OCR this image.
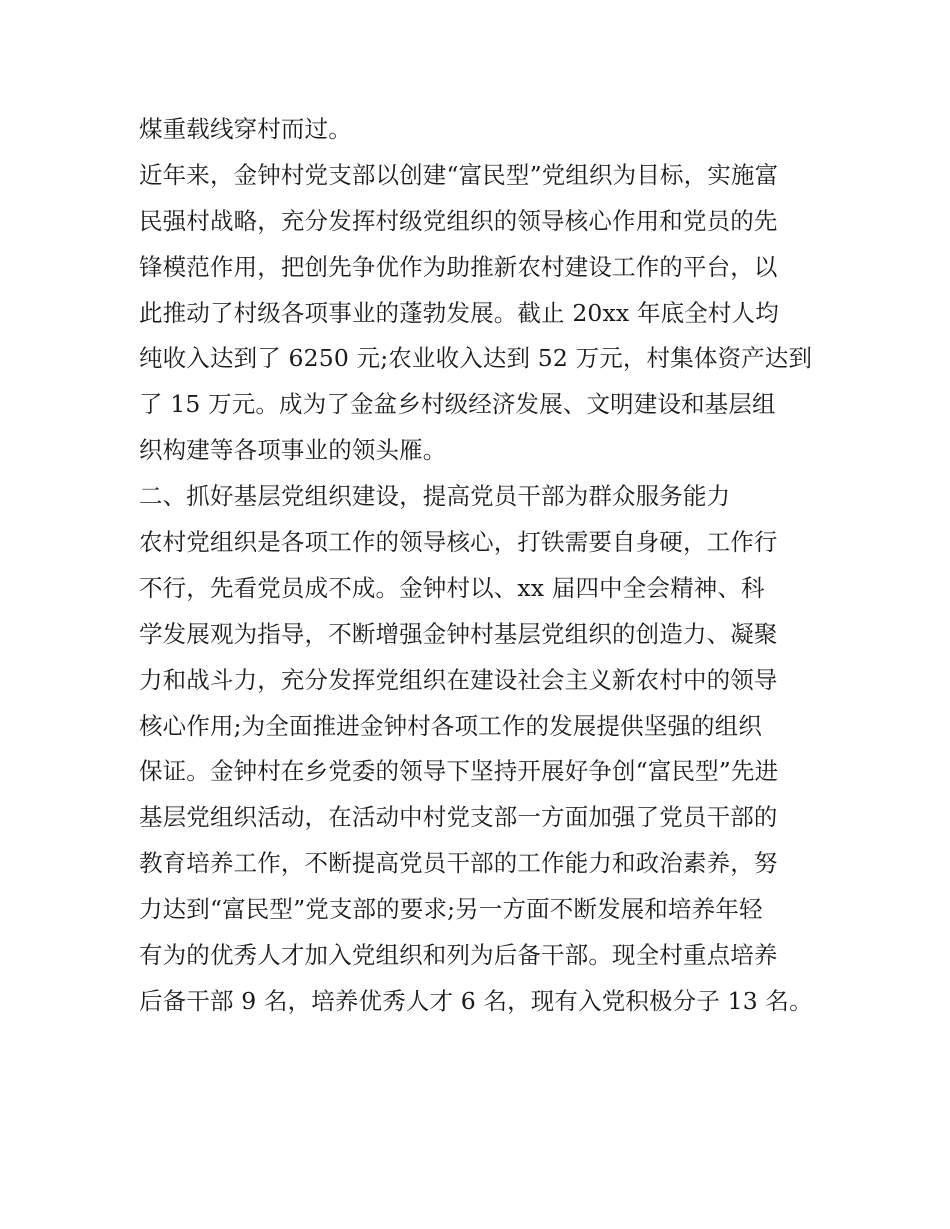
煤重载线穿村而过。
近年来，金钟村党支部以创建“富民型”党组织为目标，实施富
民强村战略，充分发挥村级党组织的领导核心作用和党员的先
锋模范作用，把创先争优作为助推新农村建设工作的平台，以
此推动了村级各项事业的蓬勃发展。截止 20xx 年底全村人均
纯收入达到了 6250 元;农业收入达到 52 万元，村集体资产达到
了 15 万元。成为了金盆乡村级经济发展、文明建设和基层组
织构建等各项事业的领头雁。
二、抓好基层党组织建设，提高党员干部为群众服务能力
农村党组织是各项工作的领导核心，打铁需要自身硬，工作行
不行，先看党员成不成。金钟村以、xx 届四中全会精神、科
学发展观为指导，不断增强金钟村基层党组织的创造力、凝聚
力和战斗力，充分发挥党组织在建设社会主义新农村中的领导
核心作用;为全面推进金钟村各项工作的发展提供坚强的组织
保证。金钟村在乡党委的领导下坚持开展好争创“富民型”先进
基层党组织活动，在活动中村党支部一方面加强了党员干部的
教育培养工作，不断提高党员干部的工作能力和政治素养，努
力达到“富民型”党支部的要求;另一方面不断发展和培养年轻
有为的优秀人才加入党组织和列为后备干部。现全村重点培养
后备干部 9 名，培养优秀人才 6 名，现有入党积极分子 13 名。
